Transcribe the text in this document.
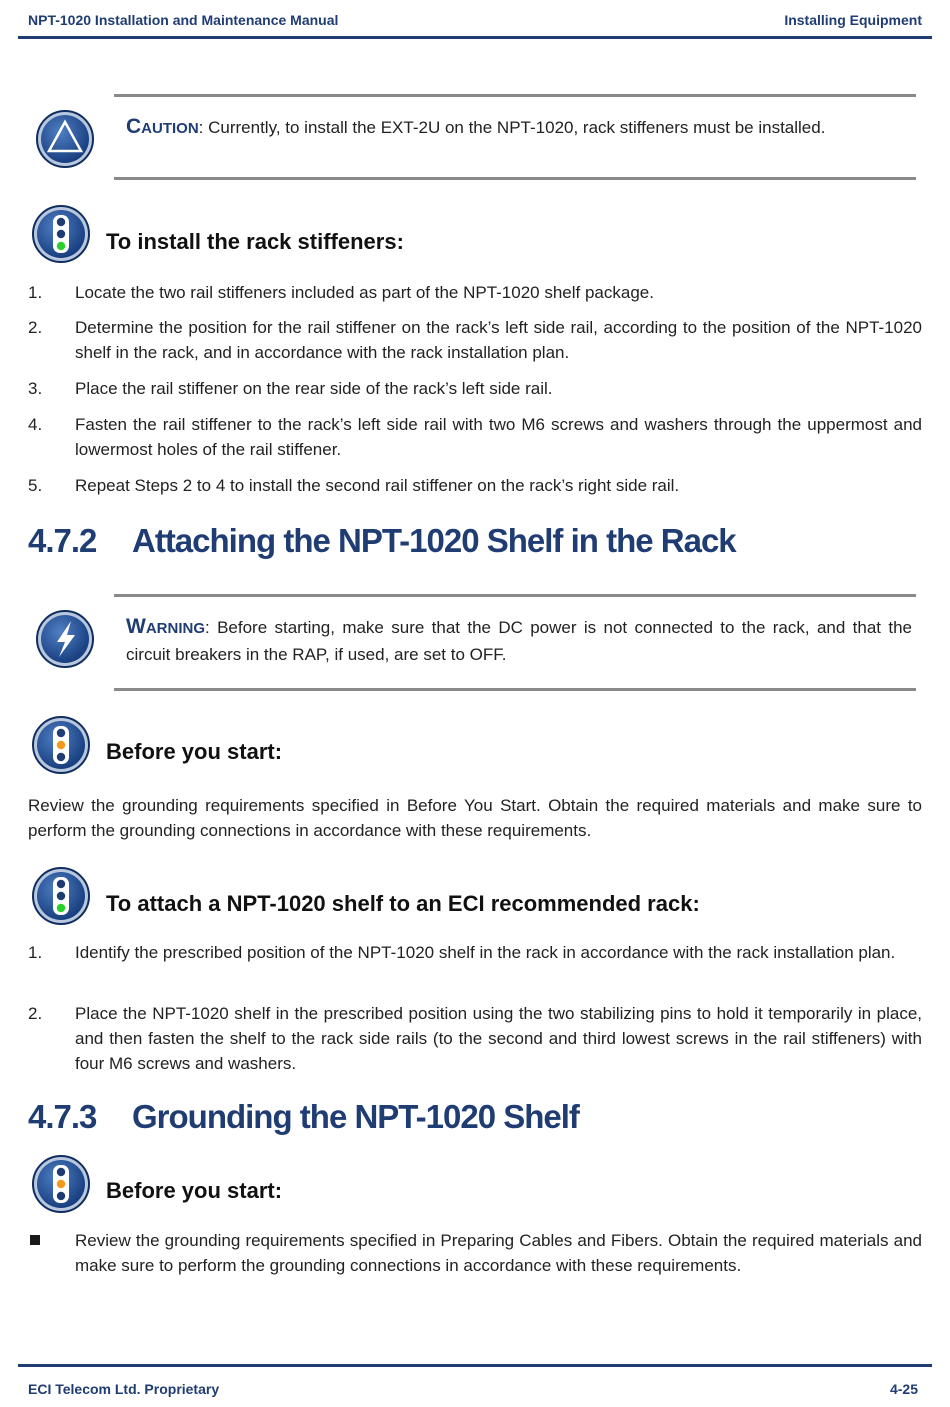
NPT-1020 Installation and Maintenance Manual	Installing Equipment
CAUTION: Currently, to install the EXT-2U on the NPT-1020, rack stiffeners must be installed.
To install the rack stiffeners:
1.	Locate the two rail stiffeners included as part of the NPT-1020 shelf package.
2.	Determine the position for the rail stiffener on the rack’s left side rail, according to the position of the NPT-1020 shelf in the rack, and in accordance with the rack installation plan.
3.	Place the rail stiffener on the rear side of the rack’s left side rail.
4.	Fasten the rail stiffener to the rack’s left side rail with two M6 screws and washers through the uppermost and lowermost holes of the rail stiffener.
5.	Repeat Steps 2 to 4 to install the second rail stiffener on the rack’s right side rail.
4.7.2 Attaching the NPT-1020 Shelf in the Rack
WARNING: Before starting, make sure that the DC power is not connected to the rack, and that the circuit breakers in the RAP, if used, are set to OFF.
Before you start:
Review the grounding requirements specified in Before You Start. Obtain the required materials and make sure to perform the grounding connections in accordance with these requirements.
To attach a NPT-1020 shelf to an ECI recommended rack:
1.	Identify the prescribed position of the NPT-1020 shelf in the rack in accordance with the rack installation plan.
2.	Place the NPT-1020 shelf in the prescribed position using the two stabilizing pins to hold it temporarily in place, and then fasten the shelf to the rack side rails (to the second and third lowest screws in the rail stiffeners) with four M6 screws and washers.
4.7.3 Grounding the NPT-1020 Shelf
Before you start:
Review the grounding requirements specified in Preparing Cables and Fibers. Obtain the required materials and make sure to perform the grounding connections in accordance with these requirements.
ECI Telecom Ltd. Proprietary	4-25
